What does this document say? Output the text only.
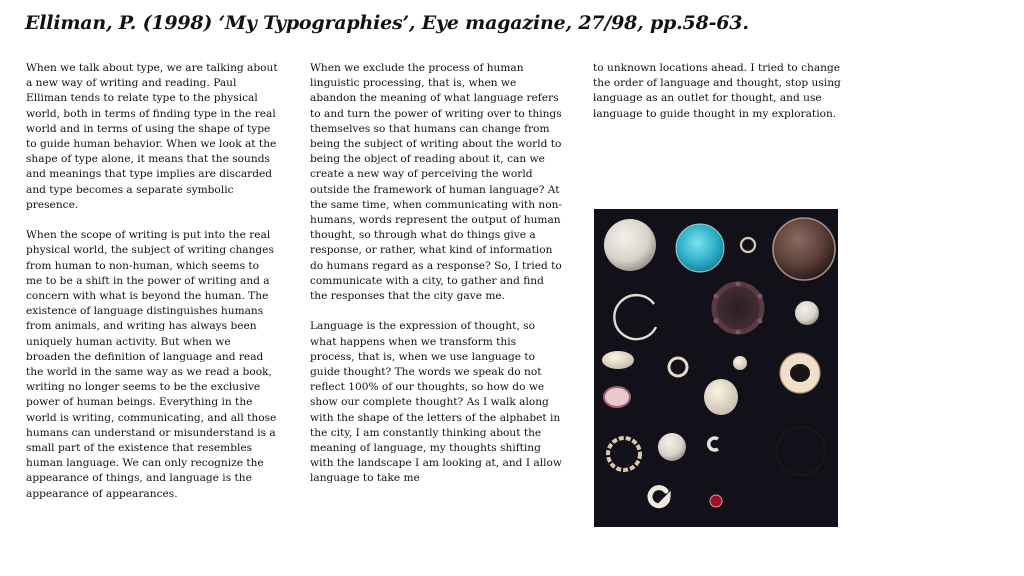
Elliman, P. (1998) ‘My Typographies’, Eye magazine, 27/98, pp.58-63.

When we talk about type, we are talking about a new way of writing and reading. Paul Elliman tends to relate type to the physical world, both in terms of finding type in the real world and in terms of using the shape of type to guide human behavior. When we look at the shape of type alone, it means that the sounds and meanings that type implies are discarded and type becomes a separate symbolic presence.

When the scope of writing is put into the real physical world, the subject of writing changes from human to non-human, which seems to me to be a shift in the power of writing and a concern with what is beyond the human. The existence of language distinguishes humans from animals, and writing has always been uniquely human activity. But when we broaden the definition of language and read the world in the same way as we read a book, writing no longer seems to be the exclusive power of human beings. Everything in the world is writing, communicating, and all those humans can understand or misunderstand is a small part of the existence that resembles human language. We can only recognize the appearance of things, and language is the appearance of appearances.

When we exclude the process of human linguistic processing, that is, when we abandon the meaning of what language refers to and turn the power of writing over to things themselves so that humans can change from being the subject of writing about the world to being the object of reading about it, can we create a new way of perceiving the world outside the framework of human language? At the same time, when communicating with non-humans, words represent the output of human thought, so through what do things give a response, or rather, what kind of information do humans regard as a response? So, I tried to communicate with a city, to gather and find the responses that the city gave me.

Language is the expression of thought, so what happens when we transform this process, that is, when we use language to guide thought? The words we speak do not reflect 100% of our thoughts, so how do we show our complete thought? As I walk along with the shape of the letters of the alphabet in the city, I am constantly thinking about the meaning of language, my thoughts shifting with the landscape I am looking at, and I allow language to take me

to unknown locations ahead. I tried to change the order of language and thought, stop using language as an outlet for thought, and use language to guide thought in my exploration.
